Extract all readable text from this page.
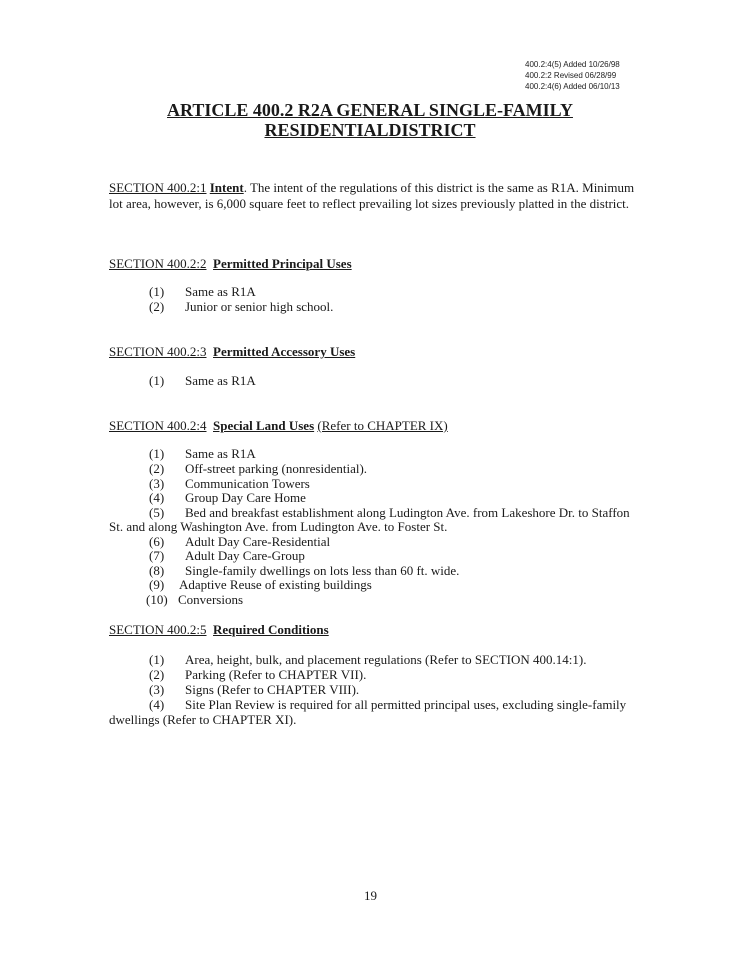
400.2:4(5) Added 10/26/98
400.2:2 Revised 06/28/99
400.2:4(6) Added 06/10/13
ARTICLE 400.2 R2A GENERAL SINGLE-FAMILY
RESIDENTIALDISTRICT
SECTION 400.2:1 Intent. The intent of the regulations of this district is the same as R1A. Minimum lot area, however, is 6,000 square feet to reflect prevailing lot sizes previously platted in the district.
SECTION 400.2:2 Permitted Principal Uses
(1) Same as R1A
(2) Junior or senior high school.
SECTION 400.2:3 Permitted Accessory Uses
(1) Same as R1A
SECTION 400.2:4 Special Land Uses (Refer to CHAPTER IX)
(1) Same as R1A
(2) Off-street parking (nonresidential).
(3) Communication Towers
(4) Group Day Care Home
(5) Bed and breakfast establishment along Ludington Ave. from Lakeshore Dr. to Staffon
St. and along Washington Ave. from Ludington Ave. to Foster St.
(6) Adult Day Care-Residential
(7) Adult Day Care-Group
(8) Single-family dwellings on lots less than 60 ft. wide.
(9) Adaptive Reuse of existing buildings
(10) Conversions
SECTION 400.2:5 Required Conditions
(1) Area, height, bulk, and placement regulations (Refer to SECTION 400.14:1).
(2) Parking (Refer to CHAPTER VII).
(3) Signs (Refer to CHAPTER VIII).
(4) Site Plan Review is required for all permitted principal uses, excluding single-family
dwellings (Refer to CHAPTER XI).
19
